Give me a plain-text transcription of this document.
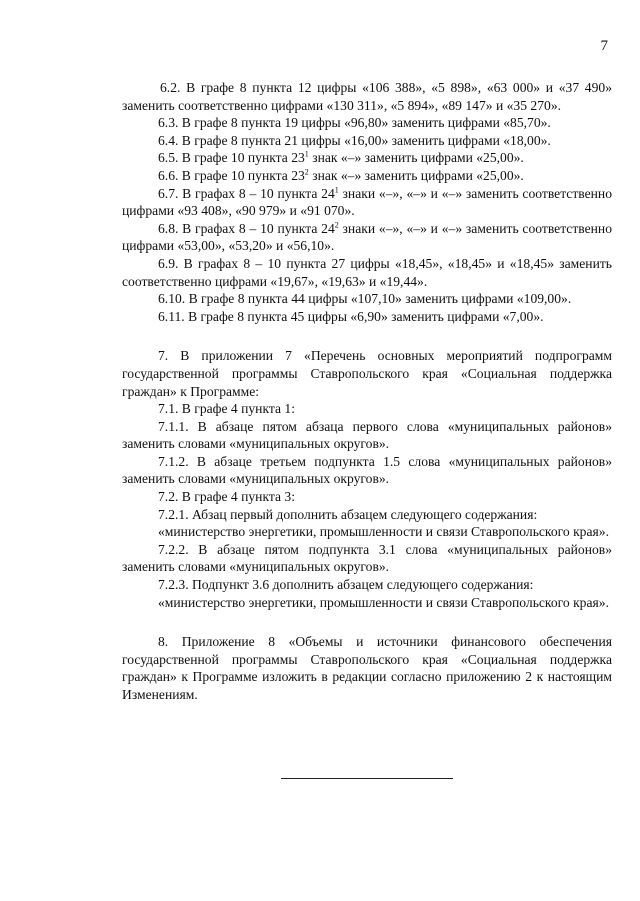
7

6.2. В графе 8 пункта 12 цифры «106 388», «5 898», «63 000» и «37 490» заменить соответственно цифрами «130 311», «5 894», «89 147» и «35 270».

6.3. В графе 8 пункта 19 цифры «96,80» заменить цифрами «85,70».

6.4. В графе 8 пункта 21 цифры «16,00» заменить цифрами «18,00».

6.5. В графе 10 пункта $23^1$ знак «–» заменить цифрами «25,00».

6.6. В графе 10 пункта $23^2$ знак «–» заменить цифрами «25,00».

6.7. В графах 8 – 10 пункта $24^1$ знаки «–», «–» и «–» заменить соответственно цифрами «93 408», «90 979» и «91 070».

6.8. В графах 8 – 10 пункта $24^2$ знаки «–», «–» и «–» заменить соответственно цифрами «53,00», «53,20» и «56,10».

6.9. В графах 8 – 10 пункта 27 цифры «18,45», «18,45» и «18,45» заменить соответственно цифрами «19,67», «19,63» и «19,44».

6.10. В графе 8 пункта 44 цифры «107,10» заменить цифрами «109,00».

6.11. В графе 8 пункта 45 цифры «6,90» заменить цифрами «7,00».

7. В приложении 7 «Перечень основных мероприятий подпрограмм государственной программы Ставропольского края «Социальная поддержка граждан» к Программе:

7.1. В графе 4 пункта 1:

7.1.1. В абзаце пятом абзаца первого слова «муниципальных районов» заменить словами «муниципальных округов».

7.1.2. В абзаце третьем подпункта 1.5 слова «муниципальных районов» заменить словами «муниципальных округов».

7.2. В графе 4 пункта 3:

7.2.1. Абзац первый дополнить абзацем следующего содержания:

«министерство энергетики, промышленности и связи Ставропольского края».

7.2.2. В абзаце пятом подпункта 3.1 слова «муниципальных районов» заменить словами «муниципальных округов».

7.2.3. Подпункт 3.6 дополнить абзацем следующего содержания:

«министерство энергетики, промышленности и связи Ставропольского края».

8. Приложение 8 «Объемы и источники финансового обеспечения государственной программы Ставропольского края «Социальная поддержка граждан» к Программе изложить в редакции согласно приложению 2 к настоящим Изменениям.
